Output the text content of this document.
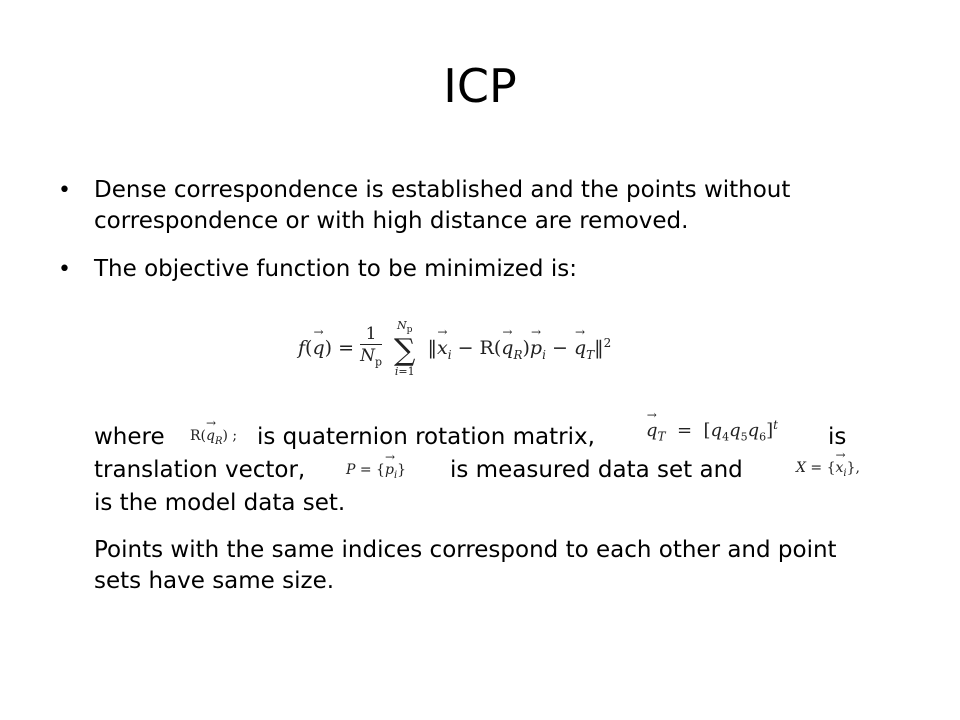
ICP
• Dense correspondence is established and the points without correspondence or with high distance are removed.
• The objective function to be minimized is:
$f(\to q) = \frac{1}{N_p}$
$N_p$
∑
i=1
‖→ $x_i - R(\to q_R)\to p_i$ − → $q_T‖^2$
where $R(\to q_R)$ ; is quaternion rotation matrix,
→	$q_T = [q_4q_5q_6]^t$ is
translation vector,	P = {→ $p_i$} is measured data set and	X = {→ $x_i$},
is the model data set.
Points with the same indices correspond to each other and point sets have same size.
